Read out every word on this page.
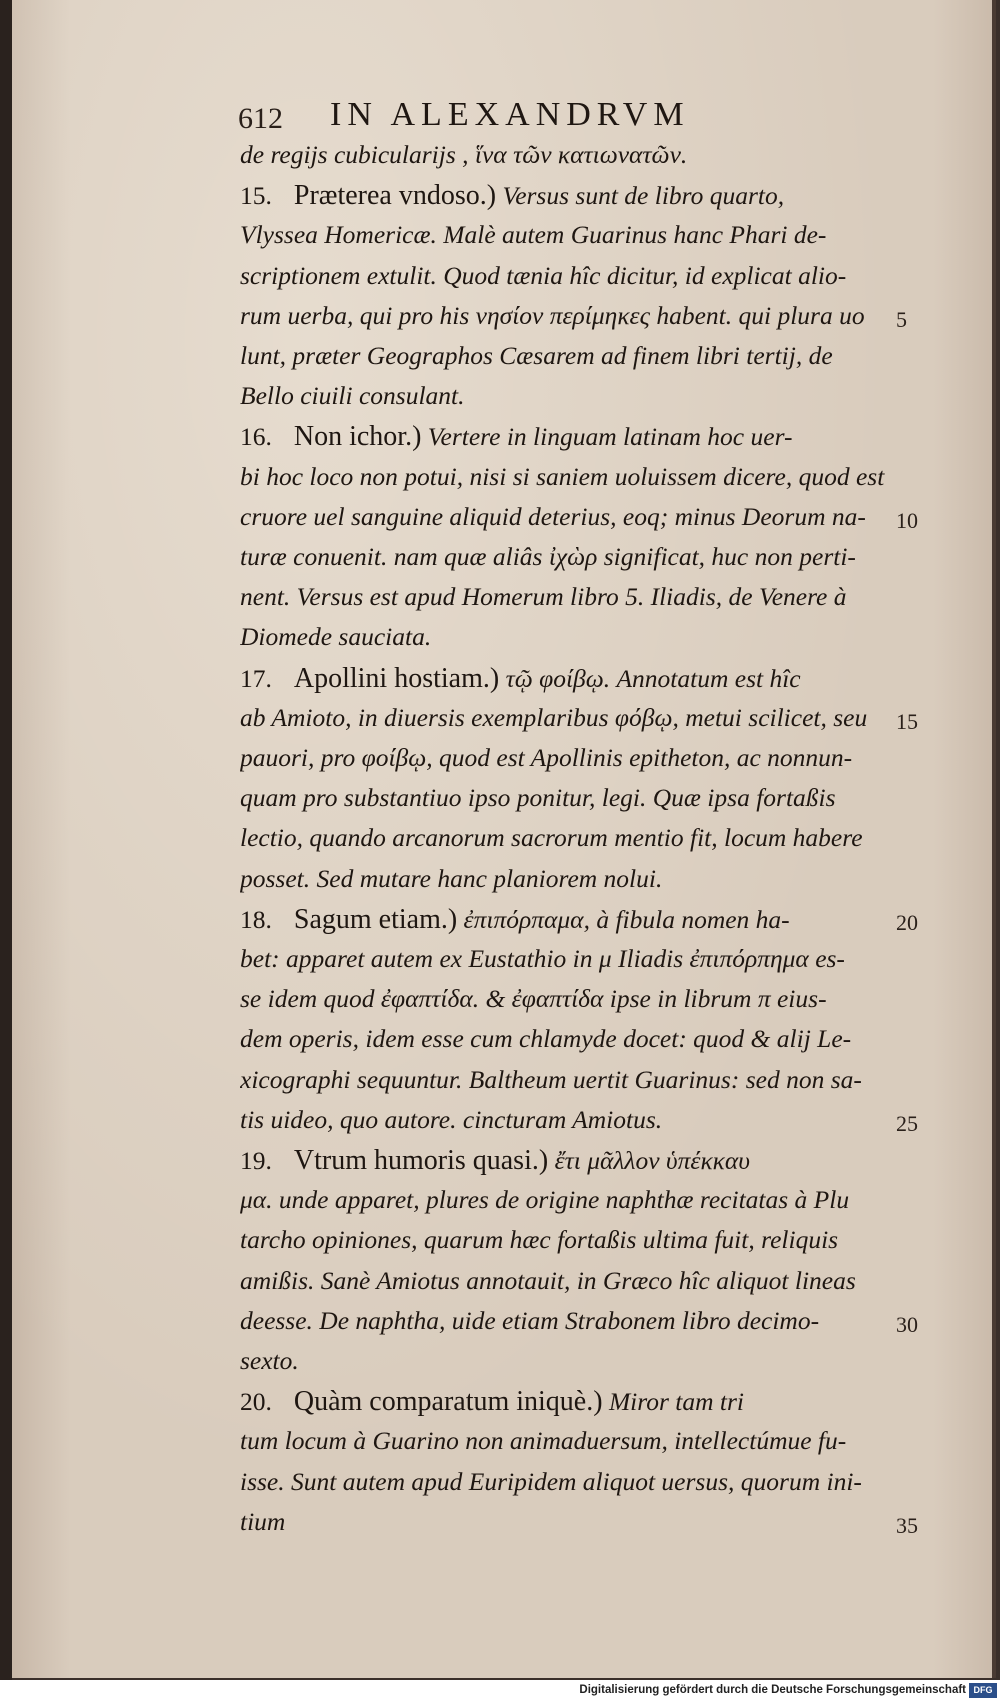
612 IN ALEXANDRVM
de regijs cubicularijs , ἵνα τῶν κατιωνατῶν.
15. Præterea vndoso.) Versus sunt de libro quarto,
Vlyssea Homericæ. Malè autem Guarinus hanc Phari de-
scriptionem extulit. Quod tænia hîc dicitur, id explicat alio-
rum uerba, qui pro his νησίον περίμηκες habent. qui plura uo
lunt, præter Geographos Cæsarem ad finem libri tertij, de
Bello ciuili consulant.
16. Non ichor.) Vertere in linguam latinam hoc uer-
bi hoc loco non potui, nisi si saniem uoluissem dicere, quod est
cruore uel sanguine aliquid deterius, eoq; minus Deorum na-
turæ conuenit. nam quæ aliâs ἰχὼρ significat, huc non perti-
nent. Versus est apud Homerum libro 5. Iliadis, de Venere à
Diomede sauciata.
17. Apollini hostiam.) τῷ φοίβῳ. Annotatum est hîc
ab Amioto, in diuersis exemplaribus φόβῳ, metui scilicet, seu
pauori, pro φοίβῳ, quod est Apollinis epitheton, ac nonnun-
quam pro substantiuo ipso ponitur, legi. Quæ ipsa fortaßis
lectio, quando arcanorum sacrorum mentio fit, locum habere
posset. Sed mutare hanc planiorem nolui.
18. Sagum etiam.) ἐπιπόρπαμα, à fibula nomen ha-
bet: apparet autem ex Eustathio in μ Iliadis ἐπιπόρπημα es-
se idem quod ἐφαπτίδα. & ἐφαπτίδα ipse in librum π eius-
dem operis, idem esse cum chlamyde docet: quod & alij Le-
xicographi sequuntur. Baltheum uertit Guarinus: sed non sa-
tis uideo, quo autore. cincturam Amiotus.
19. Vtrum humoris quasi.) ἔτι μᾶλλον ὑπέκκαυ
μα. unde apparet, plures de origine naphthæ recitatas à Plu
tarcho opiniones, quarum hæc fortaßis ultima fuit, reliquis
amißis. Sanè Amiotus annotauit, in Græco hîc aliquot lineas
deesse. De naphtha, uide etiam Strabonem libro decimo-
sexto.
20. Quàm comparatum iniquè.) Miror tam tri
tum locum à Guarino non animaduersum, intellectúmue fu-
isse. Sunt autem apud Euripidem aliquot uersus, quorum ini-
tium
5
10
15
20
25
30
35
Digitalisierung gefördert durch die Deutsche Forschungsgemeinschaft DFG
